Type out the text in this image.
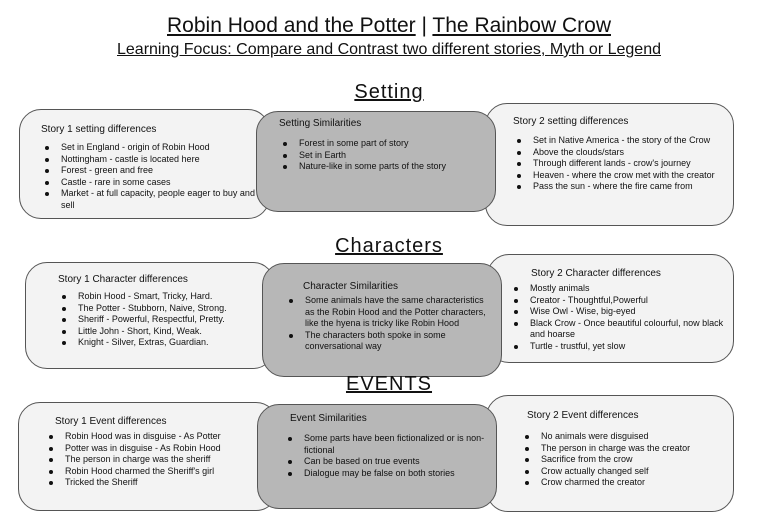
Robin Hood and the Potter | The Rainbow Crow
Learning Focus: Compare and Contrast two different stories, Myth or Legend
Setting
Story 1 setting differences
Set in England - origin of Robin Hood
Nottingham - castle is located here
Forest - green and free
Castle - rare in some cases
Market - at full capacity, people eager to buy and sell
Story 2 setting differences
Set in Native America - the story of the Crow
Above the clouds/stars
Through different lands - crow's journey
Heaven - where the crow met with the creator
Pass the sun - where the fire came from
Setting Similarities
Forest in some part of story
Set in Earth
Nature-like in some parts of the story
Characters
Story 1 Character differences
Robin Hood - Smart, Tricky, Hard.
The Potter - Stubborn, Naive, Strong.
Sheriff - Powerful, Respectful, Pretty.
Little John - Short, Kind, Weak.
Knight - Silver, Extras, Guardian.
Story 2 Character differences
Mostly animals
Creator - Thoughtful,Powerful
Wise Owl - Wise, big-eyed
Black Crow - Once beautiful colourful, now black and hoarse
Turtle - trustful, yet slow
Character Similarities
Some animals have the same characteristics as the Robin Hood and the Potter characters, like the hyena is tricky like Robin Hood
The characters both spoke in some conversational way
EVENTS
Story 1 Event differences
Robin Hood was in disguise - As Potter
Potter was in disguise - As Robin Hood
The person in charge was the sheriff
Robin Hood charmed the Sheriff's girl
Tricked the Sheriff
Story 2 Event differences
No animals were disguised
The person in charge was the creator
Sacrifice from the crow
Crow actually changed self
Crow charmed the creator
Event Similarities
Some parts have been fictionalized or is non-fictional
Can be based on true events
Dialogue may be false on both stories
